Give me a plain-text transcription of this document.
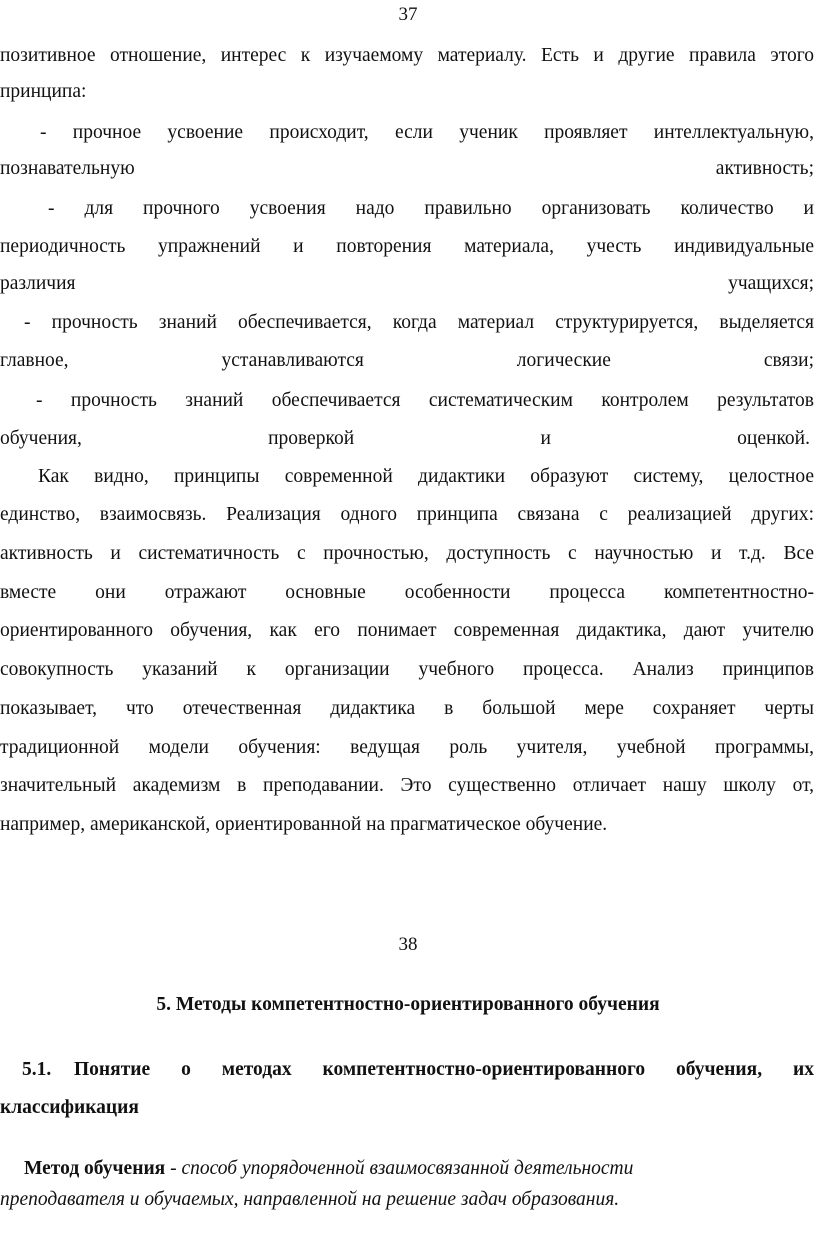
37
позитивное отношение, интерес к изучаемому материалу. Есть и другие правила этого
принципа:
- прочное усвоение происходит, если ученик проявляет интеллектуальную,
познавательную активность;
- для прочного усвоения надо правильно организовать количество и
периодичность упражнений и повторения материала, учесть индивидуальные
различия учащихся;
- прочность знаний обеспечивается, когда материал структурируется, выделяется
главное, устанавливаются логические связи;
- прочность знаний обеспечивается систематическим контролем результатов
обучения, проверкой и оценкой.
Как видно, принципы современной дидактики образуют систему, целостное
единство, взаимосвязь. Реализация одного принципа связана с реализацией других:
активность и систематичность с прочностью, доступность с научностью и т.д. Все
вместе они отражают основные особенности процесса компетентностно-
ориентированного обучения, как его понимает современная дидактика, дают учителю
совокупность указаний к организации учебного процесса. Анализ принципов
показывает, что отечественная дидактика в большой мере сохраняет черты
традиционной модели обучения: ведущая роль учителя, учебной программы,
значительный академизм в преподавании. Это существенно отличает нашу школу от,
например, американской, ориентированной на прагматическое обучение.
38
5. Методы компетентностно-ориентированного обучения
5.1.	Понятие о методах компетентностно-ориентированного обучения, их
классификация
Метод обучения - способ упорядоченной взаимосвязанной деятельности
преподавателя и обучаемых, направленной на решение задач образования.
